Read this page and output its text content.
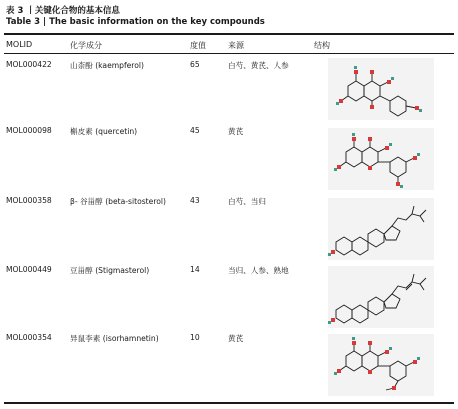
表 3 丨关键化合物的基本信息
Table 3 | The basic information on the key compounds
MOLID	化学成分	度值	来源	结构
MOL000422 山柰酚 (kaempferol)	65	白芍、黄芪、人参
MOL000098 槲皮素 (quercetin)	45	黄芪
MOL000358 β- 谷甾醇 (beta-sitosterol)	43	白芍、当归
MOL000449 豆甾醇 (Stigmasterol)	14	当归、人参、熟地
MOL000354 异鼠李素 (isorhamnetin)	10	黄芪
